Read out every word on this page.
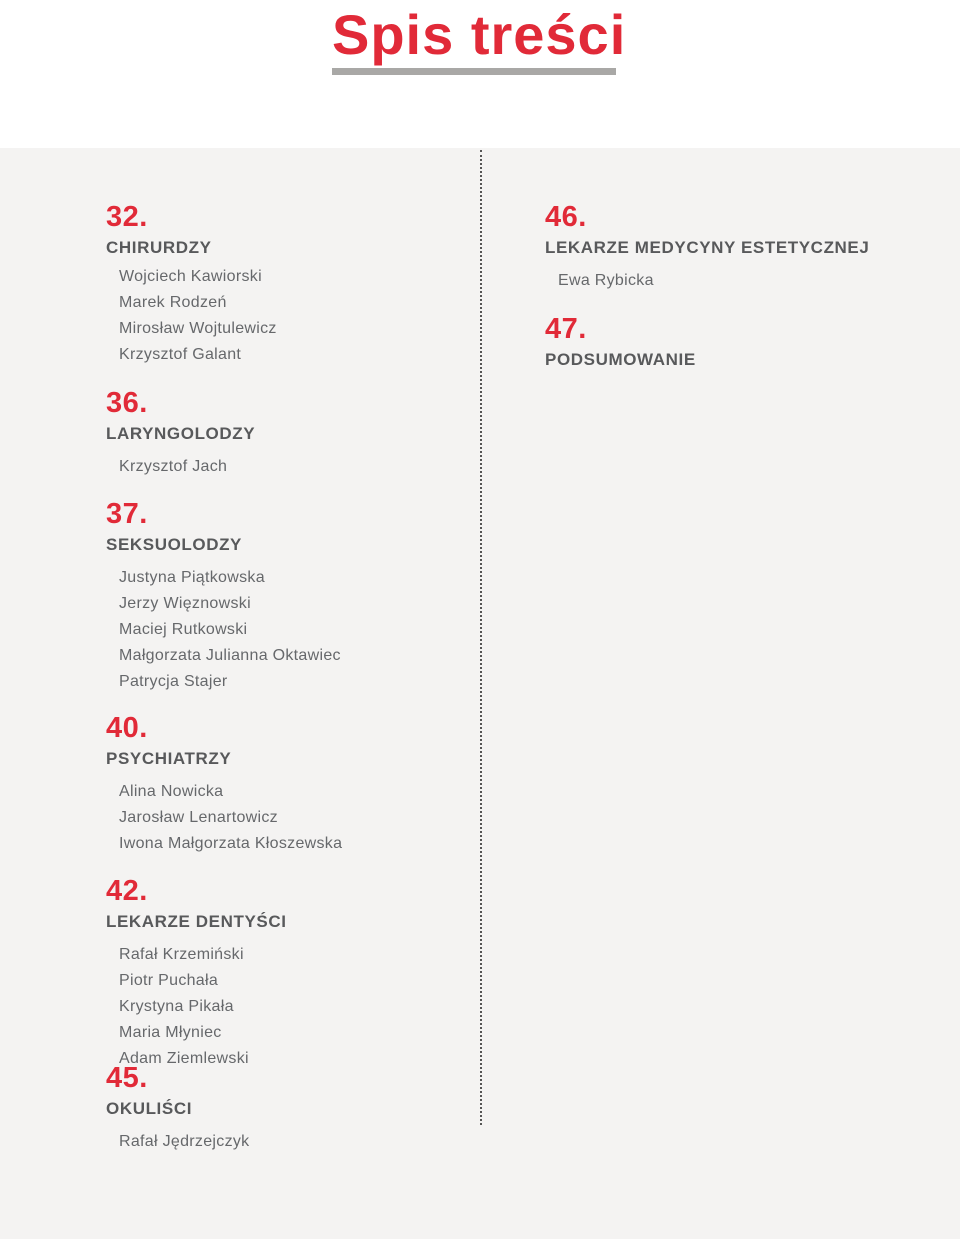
Spis treści
32.
CHIRURDZY
Wojciech Kawiorski
Marek Rodzeń
Mirosław Wojtulewicz
Krzysztof Galant
36.
LARYNGOLODZY
Krzysztof Jach
37.
SEKSUOLODZY
Justyna Piątkowska
Jerzy Więznowski
Maciej Rutkowski
Małgorzata Julianna Oktawiec
Patrycja Stajer
40.
PSYCHIATRZY
Alina Nowicka
Jarosław Lenartowicz
Iwona Małgorzata Kłoszewska
42.
LEKARZE DENTYŚCI
Rafał Krzemiński
Piotr Puchała
Krystyna Pikała
Maria Młyniec
Adam Ziemlewski
45.
OKULIŚCI
Rafał Jędrzejczyk
46.
LEKARZE MEDYCYNY ESTETYCZNEJ
Ewa Rybicka
47.
PODSUMOWANIE
